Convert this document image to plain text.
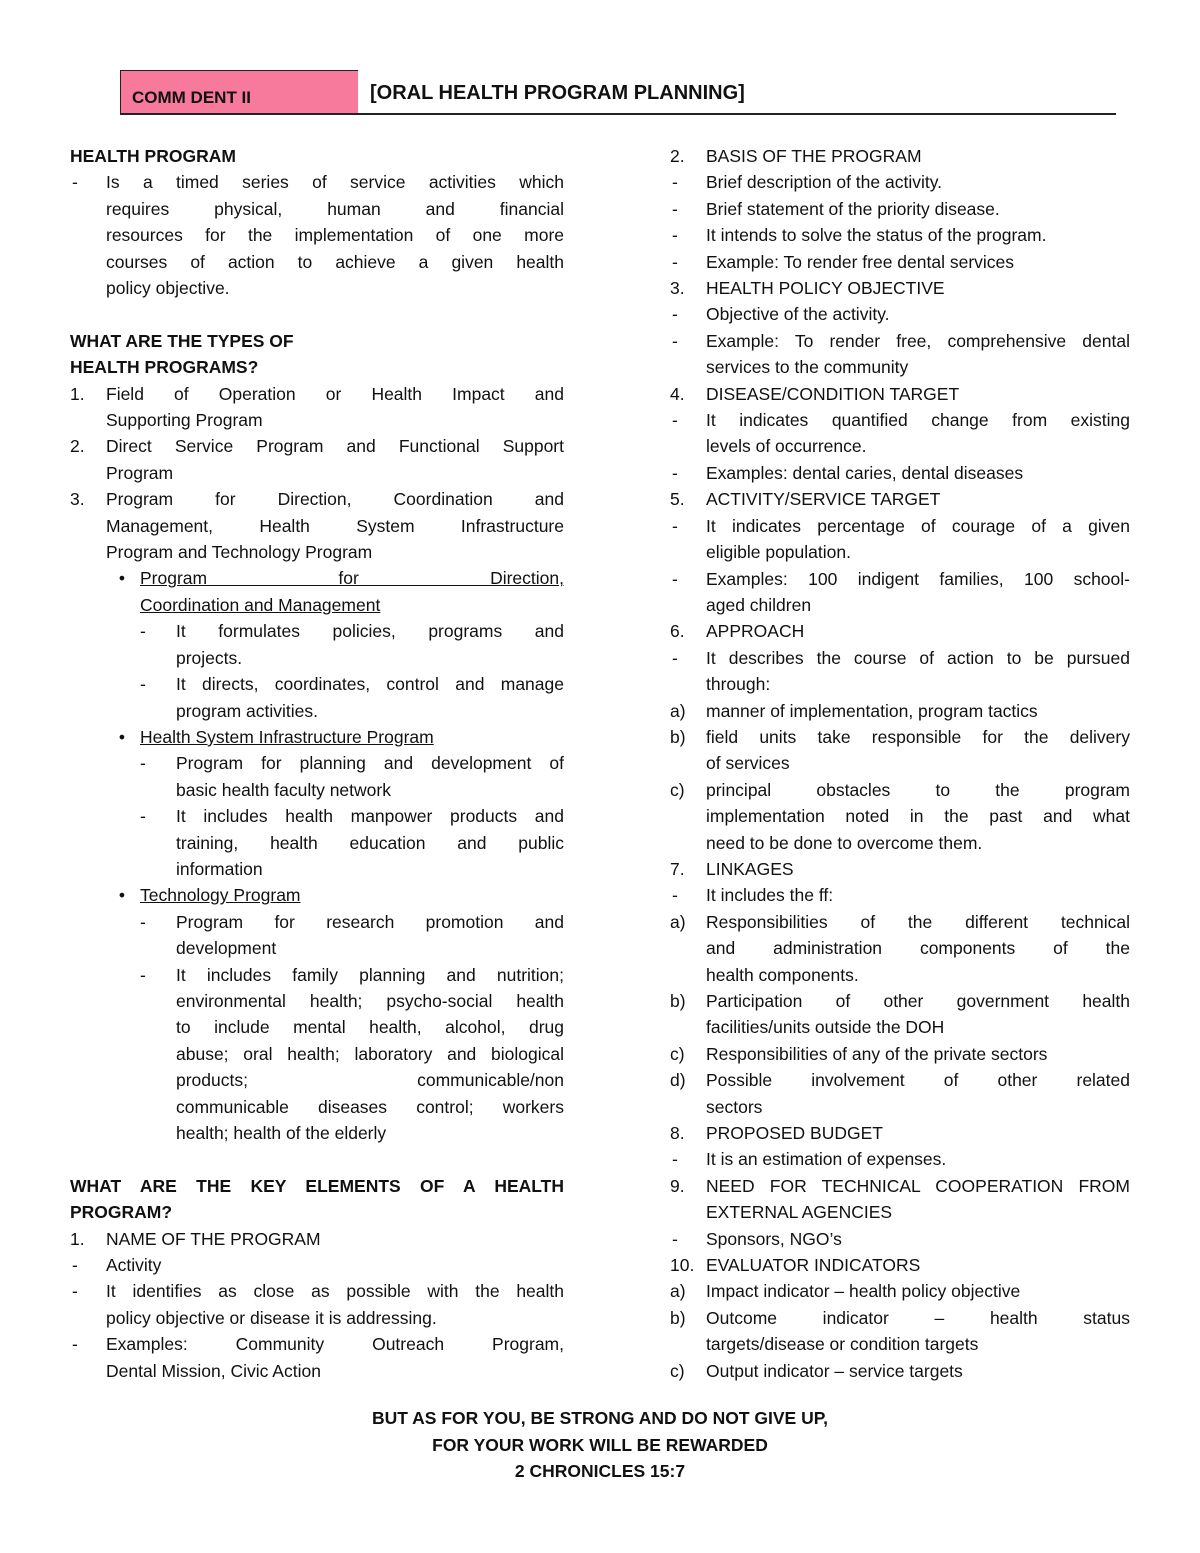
COMM DENT II	[ORAL HEALTH PROGRAM PLANNING]
HEALTH PROGRAM
-	Is a timed series of service activities which
requires physical, human and financial
resources for the implementation of one more
courses of action to achieve a given health
policy objective.
WHAT ARE THE TYPES OF
HEALTH PROGRAMS?
1.	Field of Operation or Health Impact and
Supporting Program
2.	Direct Service Program and Functional Support
Program
3.	Program for Direction, Coordination and
Management, Health System Infrastructure
Program and Technology Program
• Program for Direction,
Coordination and Management
-	It formulates policies, programs and
projects.
-	It directs, coordinates, control and manage
program activities.
• Health System Infrastructure Program
-	Program for planning and development of
basic health faculty network
-	It includes health manpower products and
training, health education and public
information
• Technology Program
-	Program for research promotion and
development
-	It includes family planning and nutrition;
environmental health; psycho-social health
to include mental health, alcohol, drug
abuse; oral health; laboratory and biological
products; communicable/non
communicable diseases control; workers
health; health of the elderly
WHAT ARE THE KEY ELEMENTS OF A HEALTH
PROGRAM?
1.	NAME OF THE PROGRAM
-	Activity
-	It identifies as close as possible with the health
policy objective or disease it is addressing.
-	Examples: Community Outreach Program,
Dental Mission, Civic Action
2.	BASIS OF THE PROGRAM
-	Brief description of the activity.
-	Brief statement of the priority disease.
-	It intends to solve the status of the program.
-	Example: To render free dental services
3.	HEALTH POLICY OBJECTIVE
-	Objective of the activity.
-	Example: To render free, comprehensive dental
services to the community
4.	DISEASE/CONDITION TARGET
-	It indicates quantified change from existing
levels of occurrence.
-	Examples: dental caries, dental diseases
5.	ACTIVITY/SERVICE TARGET
-	It indicates percentage of courage of a given
eligible population.
-	Examples: 100 indigent families, 100 school-
aged children
6.	APPROACH
-	It describes the course of action to be pursued
through:
a)	manner of implementation, program tactics
b)	field units take responsible for the delivery
of services
c)	principal obstacles to the program
implementation noted in the past and what
need to be done to overcome them.
7.	LINKAGES
-	It includes the ff:
a)	Responsibilities of the different technical
and administration components of the
health components.
b)	Participation of other government health
facilities/units outside the DOH
c)	Responsibilities of any of the private sectors
d)	Possible involvement of other related
sectors
8.	PROPOSED BUDGET
-	It is an estimation of expenses.
9.	NEED FOR TECHNICAL COOPERATION FROM
EXTERNAL AGENCIES
-	Sponsors, NGO’s
10. EVALUATOR INDICATORS
a)	Impact indicator – health policy objective
b)	Outcome indicator – health status
targets/disease or condition targets
c)	Output indicator – service targets
BUT AS FOR YOU, BE STRONG AND DO NOT GIVE UP,
FOR YOUR WORK WILL BE REWARDED
2 CHRONICLES 15:7
